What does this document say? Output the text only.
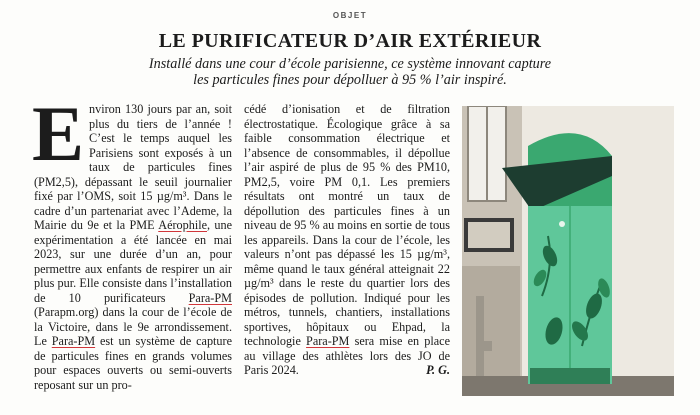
OBJET
LE PURIFICATEUR D’AIR EXTÉRIEUR
Installé dans une cour d’école parisienne, ce système innovant capture
les particules fines pour dépolluer à 95 % l’air inspiré.

Environ 130 jours par an, soit plus du tiers de l’année ! C’est le temps auquel les Parisiens sont exposés à un taux de particules fines (PM2,5), dépassant le seuil journalier fixé par l’OMS, soit 15 µg/m³. Dans le cadre d’un partenariat avec l’Ademe, la Mairie du 9e et la PME Aérophile, une expérimentation a été lancée en mai 2023, sur une durée d’un an, pour permettre aux enfants de respirer un air plus pur. Elle consiste dans l’installation de 10 purificateurs Para-PM (Parapm.org) dans la cour de l’école de la Victoire, dans le 9e arrondissement. Le Para-PM est un système de capture de particules fines en grands volumes pour espaces ouverts ou semi-ouverts reposant sur un pro-

cédé d’ionisation et de filtration électrostatique. Écologique grâce à sa faible consommation électrique et l’absence de consommables, il dépollue l’air aspiré de plus de 95 % des PM10, PM2,5, voire PM 0,1. Les premiers résultats ont montré un taux de dépollution des particules fines à un niveau de 95 % au moins en sortie de tous les appareils. Dans la cour de l’école, les valeurs n’ont pas dépassé les 15 µg/m³, même quand le taux général atteignait 22 µg/m³ dans le reste du quartier lors des épisodes de pollution. Indiqué pour les métros, tunnels, chantiers, installations sportives, hôpitaux ou Ehpad, la technologie Para-PM sera mise en place au village des athlètes lors des JO de Paris 2024.	P. G.
